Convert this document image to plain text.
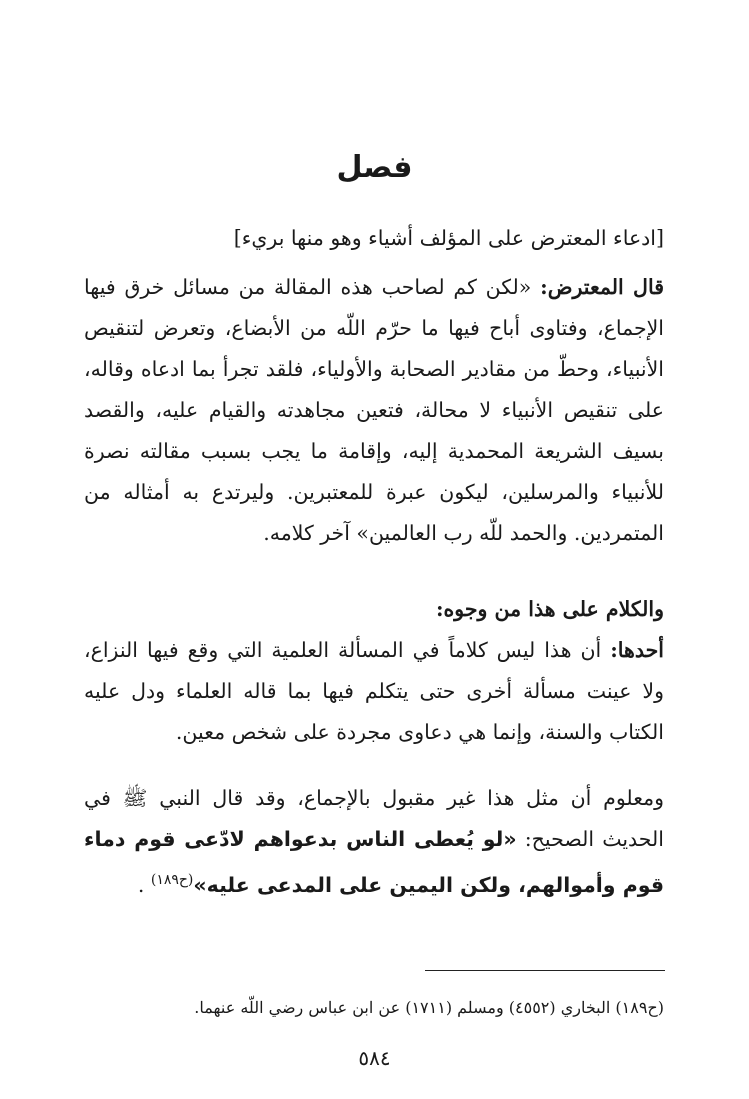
فصل

[ادعاء المعترض على المؤلف أشياء وهو منها بريء]

قال المعترض: «لكن كم لصاحب هذه المقالة من مسائل خرق فيها الإجماع، وفتاوى أباح فيها ما حرّم اللّه من الأبضاع، وتعرض لتنقيص الأنبياء، وحطّ من مقادير الصحابة والأولياء، فلقد تجرأ بما ادعاه وقاله، على تنقيص الأنبياء لا محالة، فتعين مجاهدته والقيام عليه، والقصد بسيف الشريعة المحمدية إليه، وإقامة ما يجب بسبب مقالته نصرة للأنبياء والمرسلين، ليكون عبرة للمعتبرين. وليرتدع به أمثاله من المتمردين. والحمد للّه رب العالمين» آخر كلامه.

والكلام على هذا من وجوه:

أحدها: أن هذا ليس كلاماً في المسألة العلمية التي وقع فيها النزاع، ولا عينت مسألة أخرى حتى يتكلم فيها بما قاله العلماء ودل عليه الكتاب والسنة، وإنما هي دعاوى مجردة على شخص معين.

ومعلوم أن مثل هذا غير مقبول بالإجماع، وقد قال النبي ﷺ في الحديث الصحيح: «لو يُعطى الناس بدعواهم لادّعى قوم دماء قوم وأموالهم، ولكن اليمين على المدعى عليه»$^{(ح١٨٩)}$ .

(ح١٨٩) البخاري (٤٥٥٢) ومسلم (١٧١١) عن ابن عباس رضي اللّه عنهما.

٥٨٤
